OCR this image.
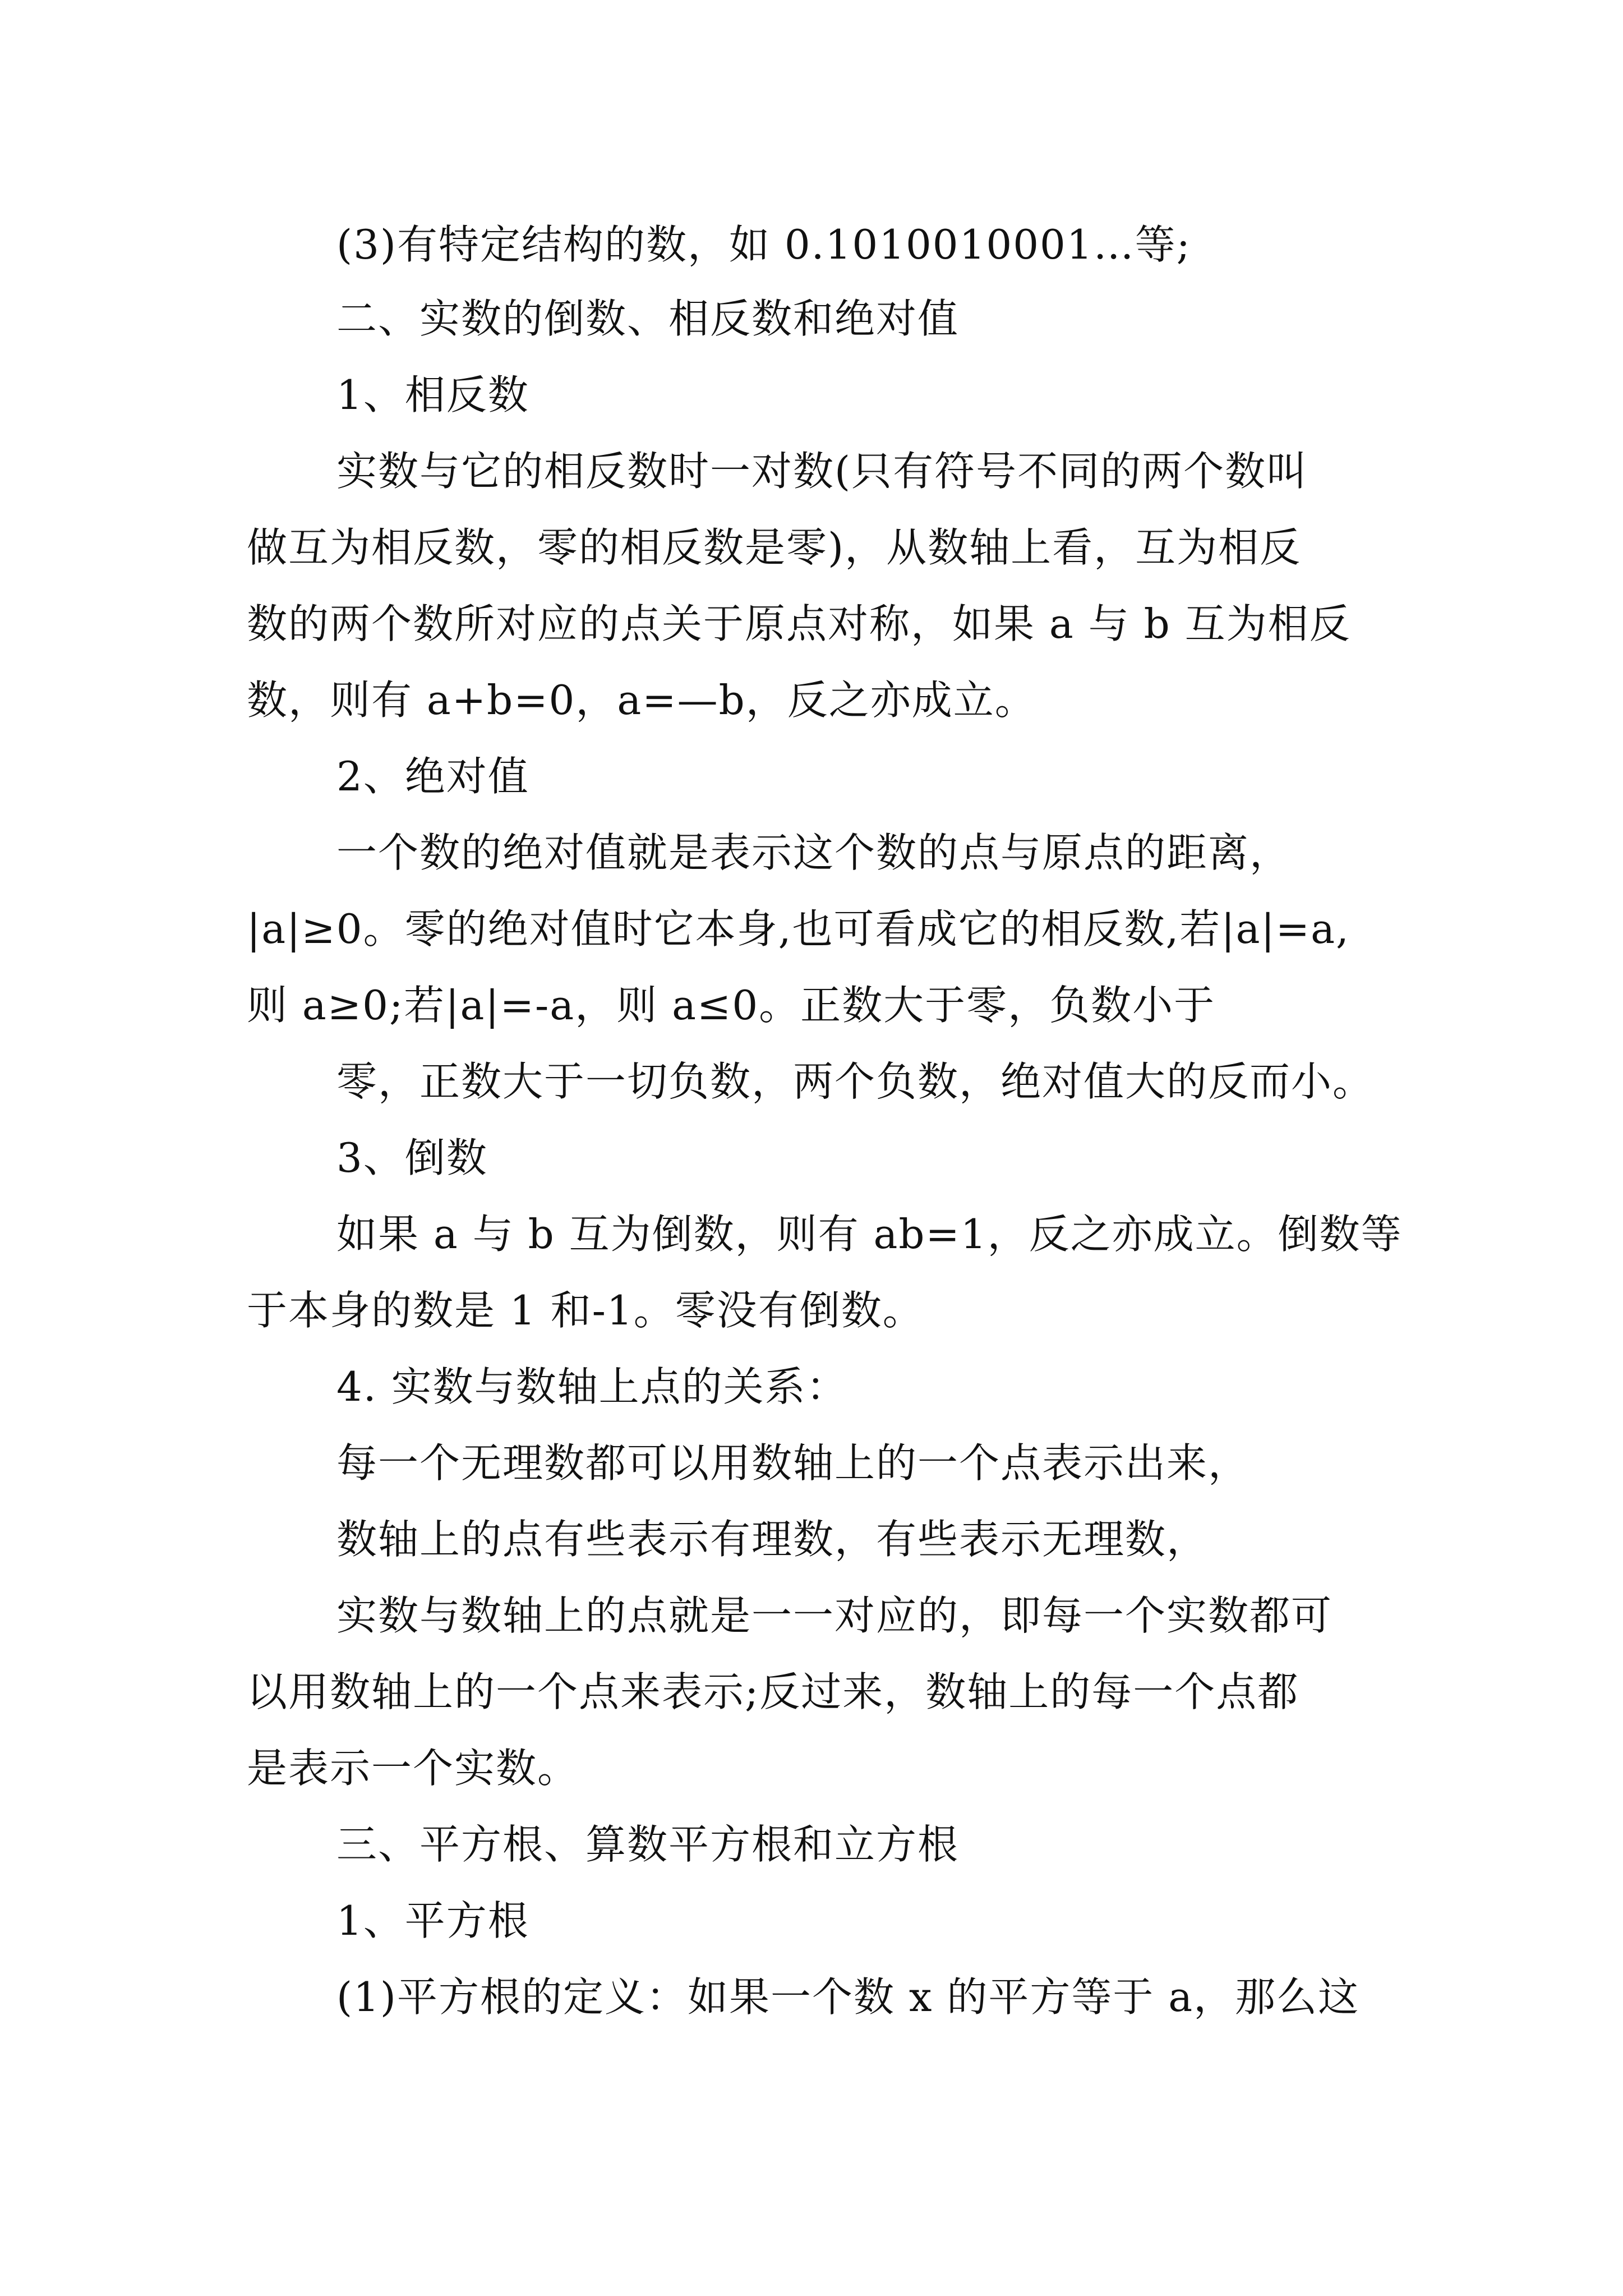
(3)有特定结构的数，如 0.1010010001…等;

二、实数的倒数、相反数和绝对值

1、相反数

实数与它的相反数时一对数(只有符号不同的两个数叫

做互为相反数，零的相反数是零)，从数轴上看，互为相反

数的两个数所对应的点关于原点对称，如果 a 与 b 互为相反

数，则有 a+b=0，a=—b，反之亦成立。

2、绝对值

一个数的绝对值就是表示这个数的点与原点的距离，

|a|≥0。零的绝对值时它本身,也可看成它的相反数,若|a|=a,

则 a≥0;若|a|=-a，则 a≤0。正数大于零，负数小于

零，正数大于一切负数，两个负数，绝对值大的反而小。

3、倒数

如果 a 与 b 互为倒数，则有 ab=1，反之亦成立。倒数等

于本身的数是 1 和-1。零没有倒数。

4. 实数与数轴上点的关系：

每一个无理数都可以用数轴上的一个点表示出来，

数轴上的点有些表示有理数，有些表示无理数，

实数与数轴上的点就是一一对应的，即每一个实数都可

以用数轴上的一个点来表示;反过来，数轴上的每一个点都

是表示一个实数。

三、平方根、算数平方根和立方根

1、平方根

(1)平方根的定义：如果一个数 x 的平方等于 a，那么这
